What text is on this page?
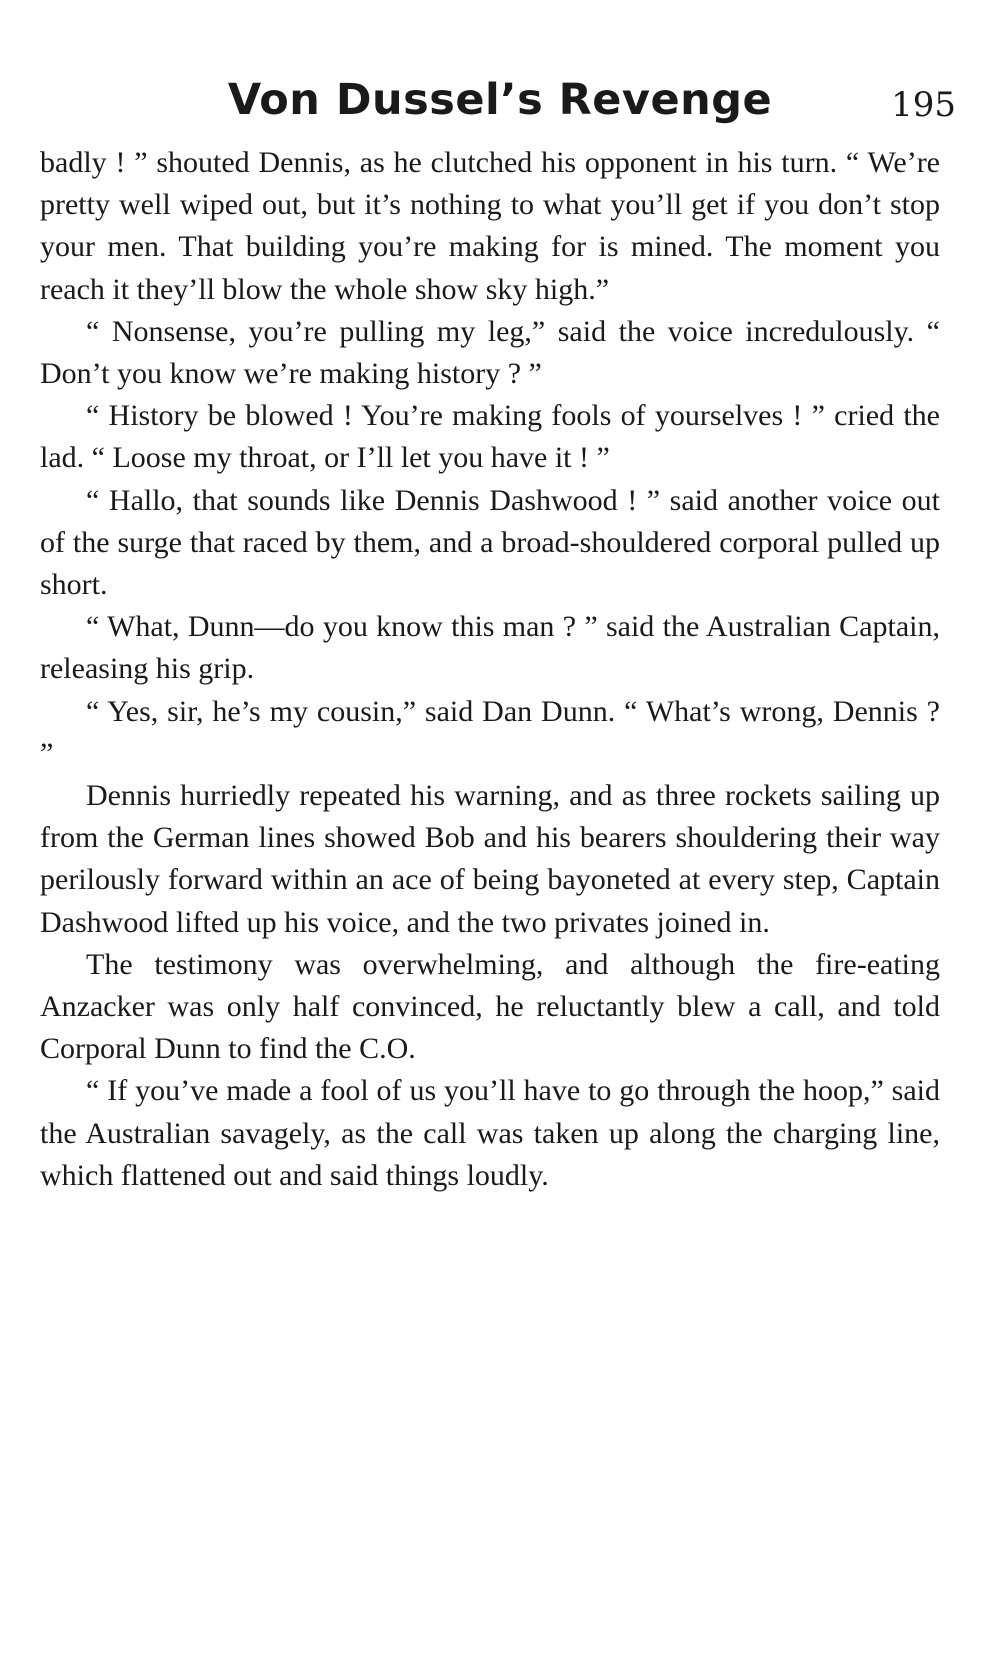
Von Dussel’s Revenge	195

badly ! ” shouted Dennis, as he clutched his opponent in his turn. “ We’re pretty well wiped out, but it’s nothing to what you’ll get if you don’t stop your men. That building you’re making for is mined. The moment you reach it they’ll blow the whole show sky high.”

“ Nonsense, you’re pulling my leg,” said the voice incredulously. “ Don’t you know we’re making history ? ”

“ History be blowed ! You’re making fools of yourselves ! ” cried the lad. “ Loose my throat, or I’ll let you have it ! ”

“ Hallo, that sounds like Dennis Dashwood ! ” said another voice out of the surge that raced by them, and a broad-shouldered corporal pulled up short.

“ What, Dunn—do you know this man ? ” said the Australian Captain, releasing his grip.

“ Yes, sir, he’s my cousin,” said Dan Dunn. “ What’s wrong, Dennis ? ”

Dennis hurriedly repeated his warning, and as three rockets sailing up from the German lines showed Bob and his bearers shouldering their way perilously forward within an ace of being bayoneted at every step, Captain Dashwood lifted up his voice, and the two privates joined in.

The testimony was overwhelming, and although the fire-eating Anzacker was only half convinced, he reluctantly blew a call, and told Corporal Dunn to find the C.O.

“ If you’ve made a fool of us you’ll have to go through the hoop,” said the Australian savagely, as the call was taken up along the charging line, which flattened out and said things loudly.
